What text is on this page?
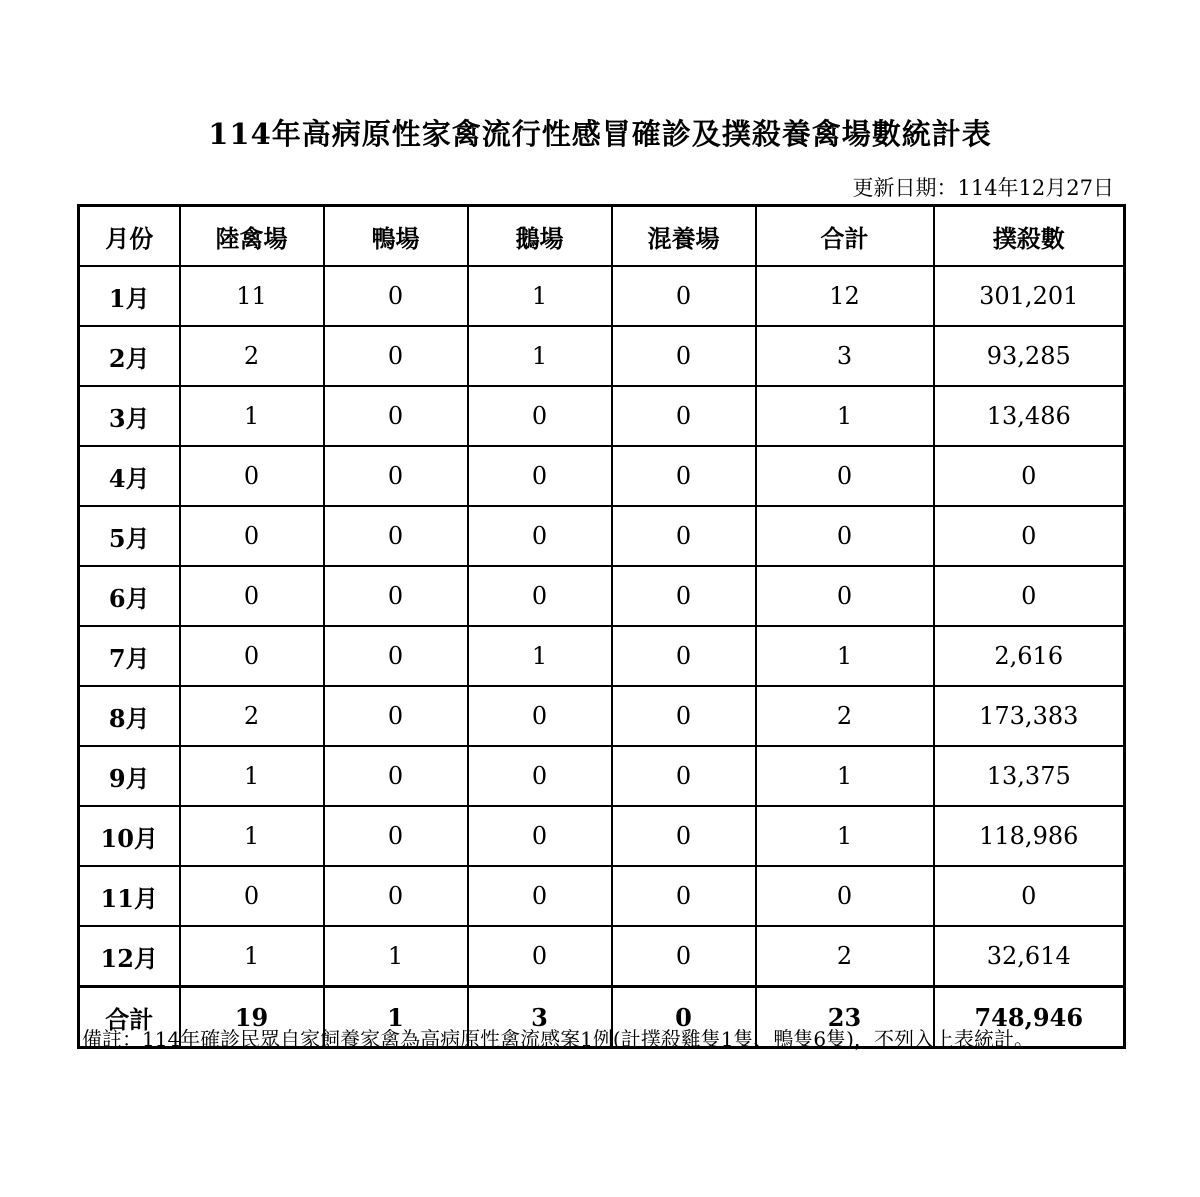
114年高病原性家禽流行性感冒確診及撲殺養禽場數統計表
更新日期：114年12月27日
月份	陸禽場	鴨場	鵝場	混養場	合計	撲殺數
1月	11	0	1	0	12	301,201
2月	2	0	1	0	3	93,285
3月	1	0	0	0	1	13,486
4月	0	0	0	0	0	0
5月	0	0	0	0	0	0
6月	0	0	0	0	0	0
7月	0	0	1	0	1	2,616
8月	2	0	0	0	2	173,383
9月	1	0	0	0	1	13,375
10月	1	0	0	0	1	118,986
11月	0	0	0	0	0	0
12月	1	1	0	0	2	32,614
合計	19	1	3	0	23	748,946
備註：114年確診民眾自家飼養家禽為高病原性禽流感案1例(計撲殺雞隻1隻、鴨隻6隻)，不列入上表統計。
